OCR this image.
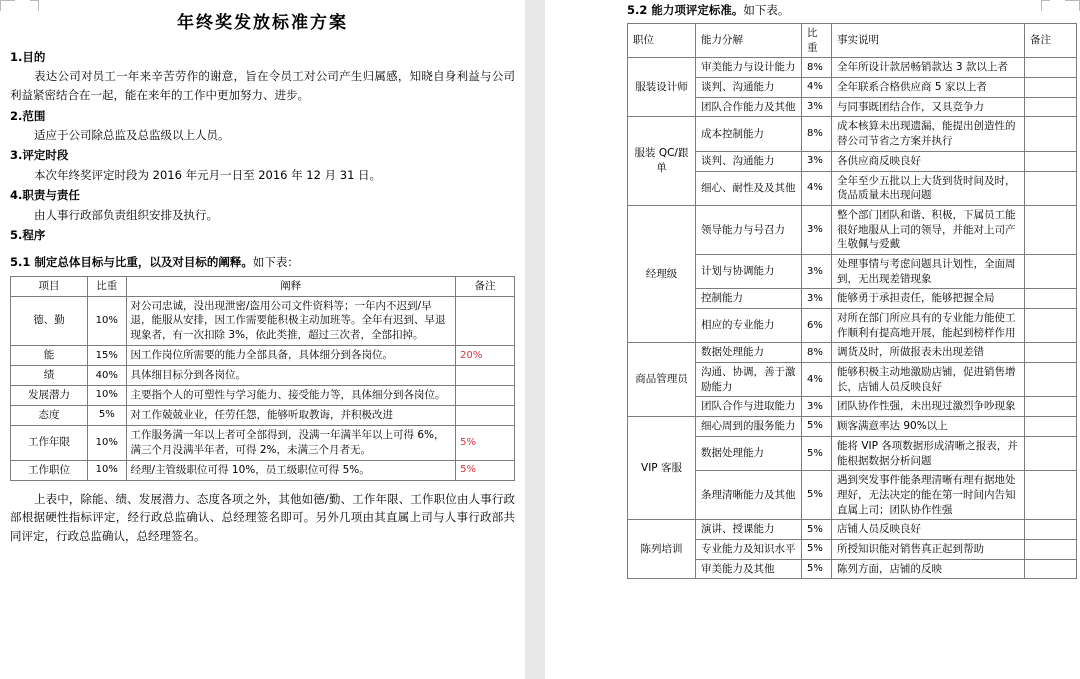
年终奖发放标准方案
1.目的

表达公司对员工一年来辛苦劳作的谢意，旨在令员工对公司产生归属感，知晓自身利益与公司利益紧密结合在一起，能在来年的工作中更加努力、进步。

2.范围

适应于公司除总监及总监级以上人员。

3.评定时段

本次年终奖评定时段为 2016 年元月一日至 2016 年 12 月 31 日。

4.职责与责任

由人事行政部负责组织安排及执行。

5.程序
5.1 制定总体目标与比重，以及对目标的阐释。如下表：
项目	比重	阐释	备注
德、勤	10%	对公司忠诚，没出现泄密/盗用公司文件资料等；一年内不迟到/早退，能服从安排，因工作需要能积极主动加班等。全年有迟到、早退现象者，有一次扣除 3%，依此类推，超过三次者，全部扣掉。	
能	15%	因工作岗位所需要的能力全部具备，具体细分到各岗位。	20%
绩	40%	具体细目标分到各岗位。	
发展潜力	10%	主要指个人的可塑性与学习能力、接受能力等，具体细分到各岗位。	
态度	5%	对工作兢兢业业，任劳任怨，能够听取教诲，并积极改进	
工作年限	10%	工作服务满一年以上者可全部得到，没满一年满半年以上可得 6%，满三个月没满半年者，可得 2%，未满三个月者无。	5%
工作职位	10%	经理/主管级职位可得 10%，员工级职位可得 5%。	5%

上表中，除能、绩、发展潜力、态度各项之外，其他如德/勤、工作年限、工作职位由人事行政部根据硬性指标评定，经行政总监确认、总经理签名即可。另外几项由其直属上司与人事行政部共同评定，行政总监确认，总经理签名。

5.2 能力项评定标准。如下表。
职位	能力分解	比重	事实说明	备注
服装设计师	审美能力与设计能力	8%	全年所设计款居畅销款达 3 款以上者	
	谈判、沟通能力	4%	全年联系合格供应商 5 家以上者	
	团队合作能力及其他	3%	与同事既团结合作，又具竞争力	
服装 QC/跟单	成本控制能力	8%	成本核算未出现遗漏，能提出创造性的替公司节省之方案并执行	
	谈判、沟通能力	3%	各供应商反映良好	
	细心、耐性及及其他	4%	全年至少五批以上大货到货时间及时，货品质量未出现问题	
经理级	领导能力与号召力	3%	整个部门团队和谐、积极，下属员工能很好地服从上司的领导，并能对上司产生敬佩与爱戴	
	计划与协调能力	3%	处理事情与考虑问题具计划性，全面周到，无出现差错现象	
	控制能力	3%	能够勇于承担责任，能够把握全局	
	相应的专业能力	6%	对所在部门所应具有的专业能力能使工作顺利有提高地开展，能起到榜样作用	
商品管理员	数据处理能力	8%	调货及时，所做报表未出现差错	
	沟通、协调，善于激励能力	4%	能够积极主动地激励店铺，促进销售增长，店铺人员反映良好	
	团队合作与进取能力	3%	团队协作性强，未出现过激烈争吵现象	
VIP 客服	细心周到的服务能力	5%	顾客满意率达 90%以上	
	数据处理能力	5%	能将 VIP 各项数据形成清晰之报表，并能根据数据分析问题	
	条理清晰能力及其他	5%	遇到突发事件能条理清晰有理有据地处理好，无法决定的能在第一时间内告知直属上司；团队协作性强	
陈列培训	演讲、授课能力	5%	店铺人员反映良好	
	专业能力及知识水平	5%	所授知识能对销售真正起到帮助	
	审美能力及其他	5%	陈列方面，店铺的反映	
